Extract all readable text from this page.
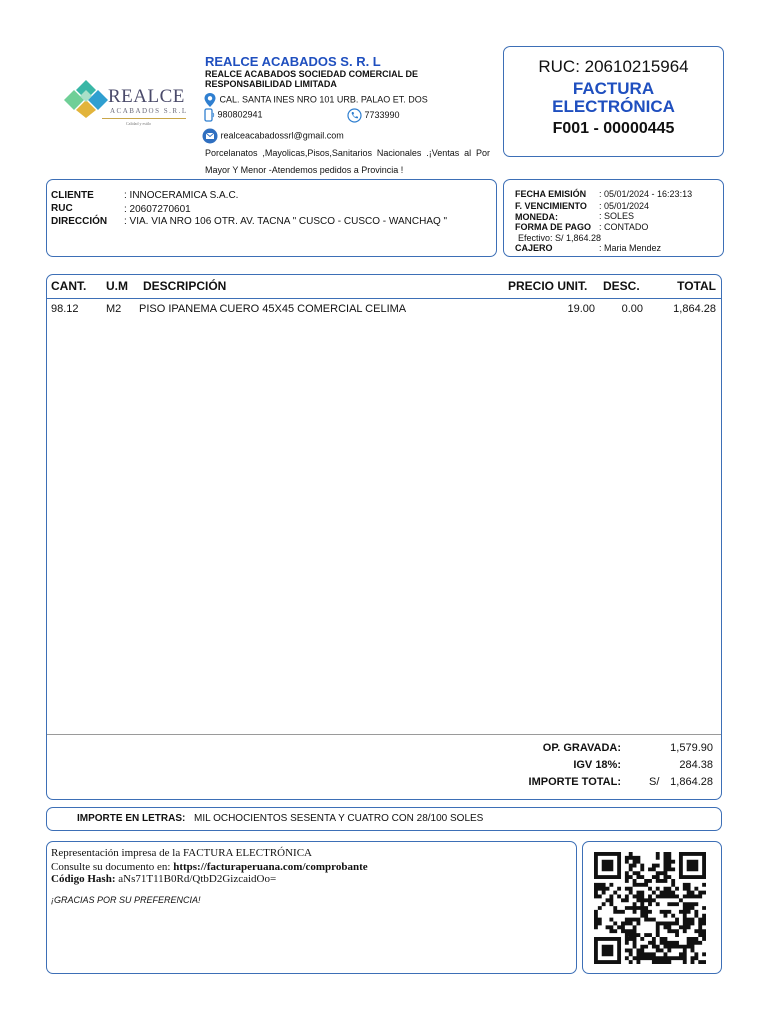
REALCE
ACABADOS S.R.L
Calidad y estilo
REALCE ACABADOS S. R. L
REALCE ACABADOS SOCIEDAD COMERCIAL DE
RESPONSABILIDAD LIMITADA
CAL. SANTA INES NRO 101 URB. PALAO ET. DOS
980802941	7733990
realceacabadossrl@gmail.com
Porcelanatos ,Mayolicas,Pisos,Sanitarios Nacionales .¡Ventas al Por Mayor Y Menor -Atendemos pedidos a Provincia !
RUC: 20610215964
FACTURA
ELECTRÓNICA
F001 - 00000445
CLIENTE	: INNOCERAMICA S.A.C.
RUC	: 20607270601
DIRECCIÓN : VIA. VIA NRO 106 OTR. AV. TACNA " CUSCO - CUSCO - WANCHAQ "
FECHA EMISIÓN : 05/01/2024 - 16:23:13
F. VENCIMIENTO : 05/01/2024
MONEDA:	: SOLES
FORMA DE PAGO : CONTADO
Efectivo: S/ 1,864.28
CAJERO	: Maria Mendez
CANT. U.M DESCRIPCIÓN	PRECIO UNIT. DESC.	TOTAL
98.12 M2 PISO IPANEMA CUERO 45X45 COMERCIAL CELIMA	19.00 0.00	1,864.28
OP. GRAVADA:	1,579.90
IGV 18%:	284.38
IMPORTE TOTAL:	S/ 1,864.28
IMPORTE EN LETRAS: MIL OCHOCIENTOS SESENTA Y CUATRO CON 28/100 SOLES
Representación impresa de la FACTURA ELECTRÓNICA
Consulte su documento en: https://facturaperuana.com/comprobante
Código Hash: aNs71T11B0Rd/QtbD2GizcaidOo=
¡GRACIAS POR SU PREFERENCIA!
